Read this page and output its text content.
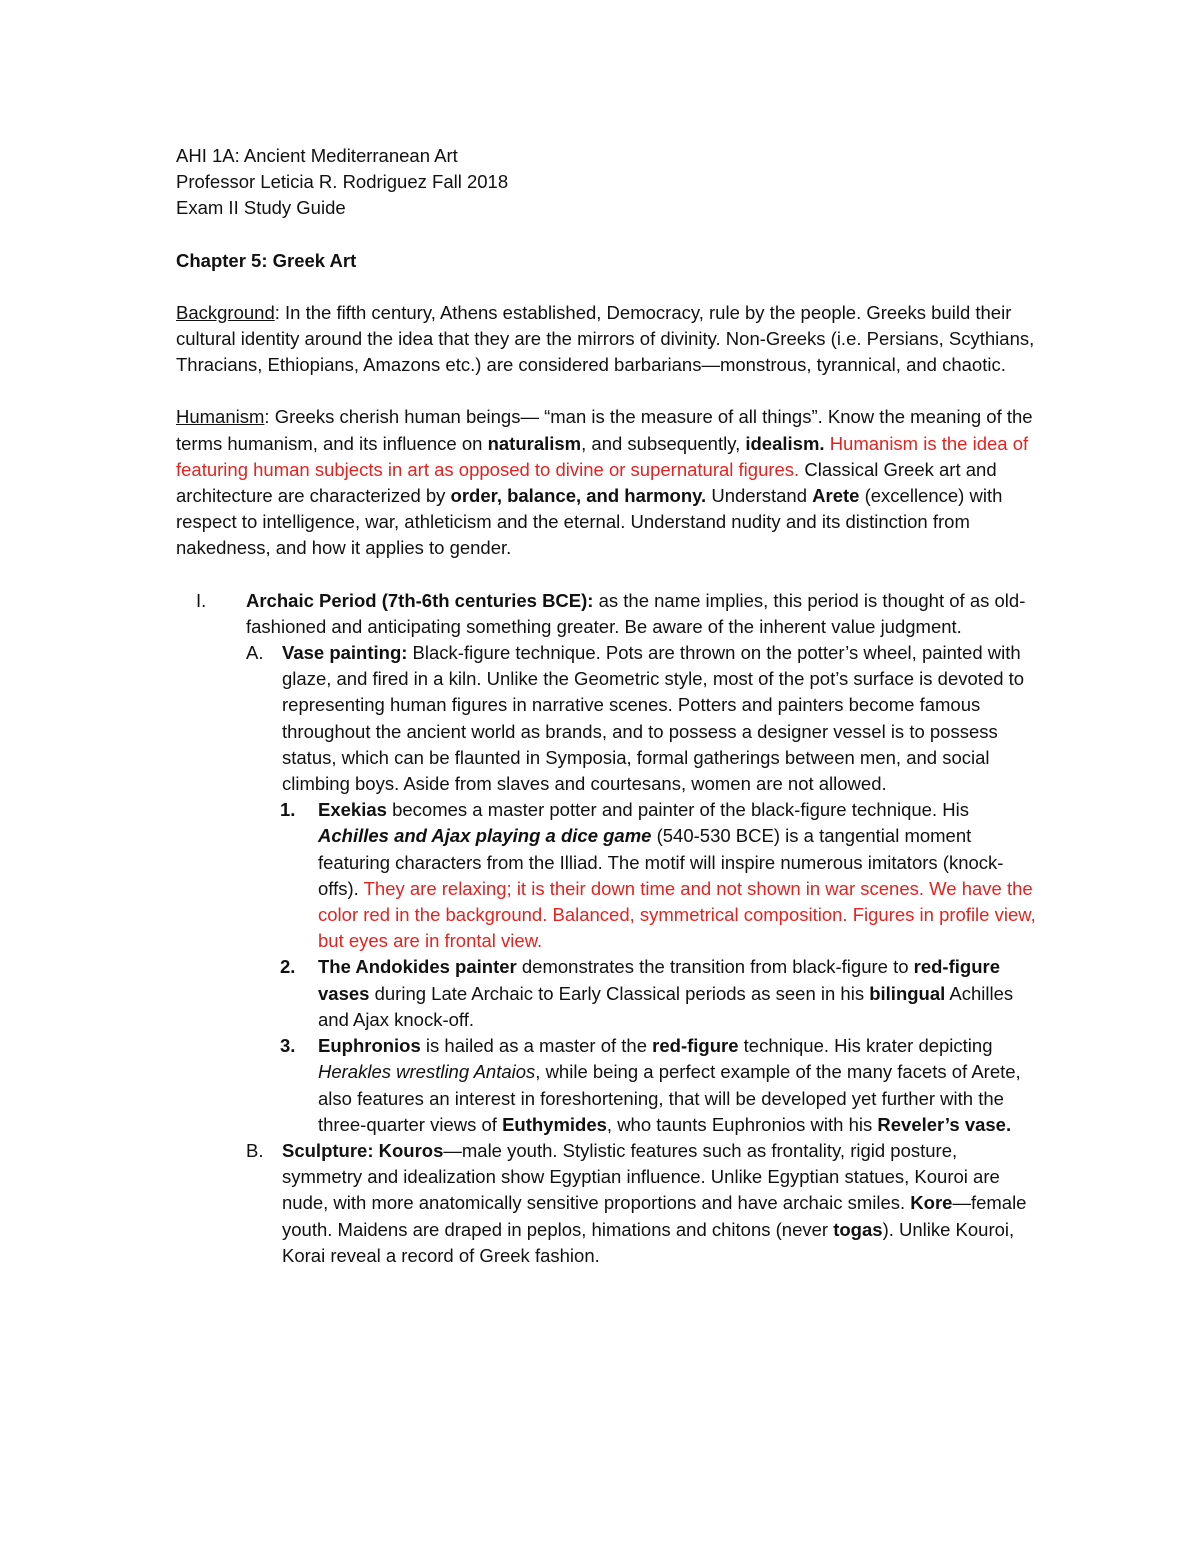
AHI 1A: Ancient Mediterranean Art
Professor Leticia R. Rodriguez Fall 2018
Exam II Study Guide
Chapter 5: Greek Art
Background: In the fifth century, Athens established, Democracy, rule by the people. Greeks build their cultural identity around the idea that they are the mirrors of divinity. Non-Greeks (i.e. Persians, Scythians, Thracians, Ethiopians, Amazons etc.) are considered barbarians—monstrous, tyrannical, and chaotic.
Humanism: Greeks cherish human beings— “man is the measure of all things”. Know the meaning of the terms humanism, and its influence on naturalism, and subsequently, idealism. Humanism is the idea of featuring human subjects in art as opposed to divine or supernatural figures. Classical Greek art and architecture are characterized by order, balance, and harmony. Understand Arete (excellence) with respect to intelligence, war, athleticism and the eternal. Understand nudity and its distinction from nakedness, and how it applies to gender.
I. Archaic Period (7th-6th centuries BCE): as the name implies, this period is thought of as old-fashioned and anticipating something greater. Be aware of the inherent value judgment.
A. Vase painting: Black-figure technique. Pots are thrown on the potter’s wheel, painted with glaze, and fired in a kiln. Unlike the Geometric style, most of the pot’s surface is devoted to representing human figures in narrative scenes. Potters and painters become famous throughout the ancient world as brands, and to possess a designer vessel is to possess status, which can be flaunted in Symposia, formal gatherings between men, and social climbing boys. Aside from slaves and courtesans, women are not allowed.
1. Exekias becomes a master potter and painter of the black-figure technique. His Achilles and Ajax playing a dice game (540-530 BCE) is a tangential moment featuring characters from the Illiad. The motif will inspire numerous imitators (knock-offs). They are relaxing; it is their down time and not shown in war scenes. We have the color red in the background. Balanced, symmetrical composition. Figures in profile view, but eyes are in frontal view.
2. The Andokides painter demonstrates the transition from black-figure to red-figure vases during Late Archaic to Early Classical periods as seen in his bilingual Achilles and Ajax knock-off.
3. Euphronios is hailed as a master of the red-figure technique. His krater depicting Herakles wrestling Antaios, while being a perfect example of the many facets of Arete, also features an interest in foreshortening, that will be developed yet further with the three-quarter views of Euthymides, who taunts Euphronios with his Reveler’s vase.
B. Sculpture: Kouros—male youth. Stylistic features such as frontality, rigid posture, symmetry and idealization show Egyptian influence. Unlike Egyptian statues, Kouroi are nude, with more anatomically sensitive proportions and have archaic smiles. Kore—female youth. Maidens are draped in peplos, himations and chitons (never togas). Unlike Kouroi, Korai reveal a record of Greek fashion.
